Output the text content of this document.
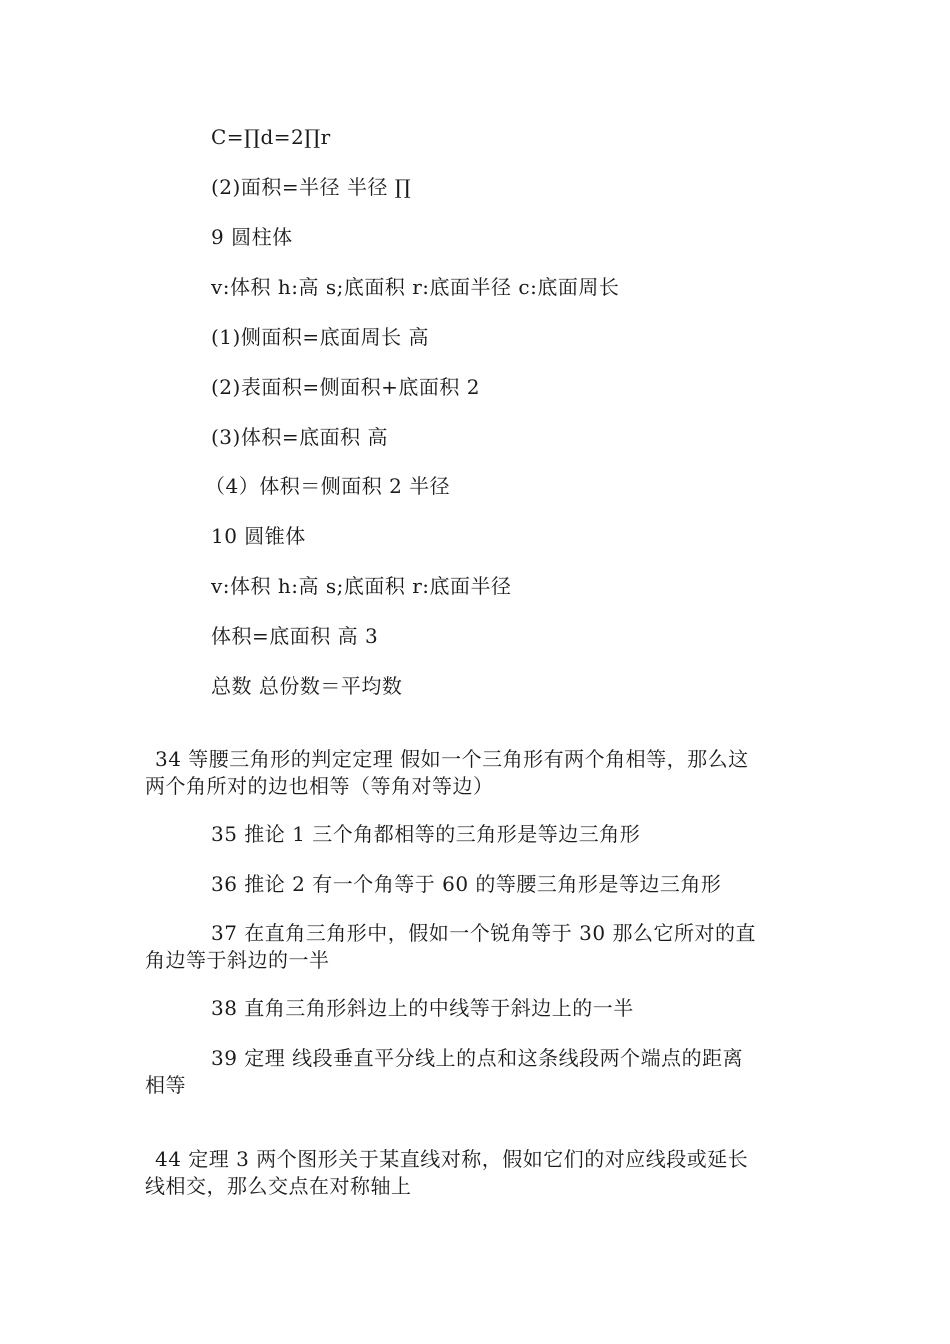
C=∏d=2∏r
(2)面积=半径 半径 ∏
9 圆柱体
v:体积 h:高 s;底面积 r:底面半径 c:底面周长
(1)侧面积=底面周长 高
(2)表面积=侧面积+底面积 2
(3)体积=底面积 高
（4）体积＝侧面积 2 半径
10 圆锥体
v:体积 h:高 s;底面积 r:底面半径
体积=底面积 高 3
总数 总份数＝平均数
34 等腰三角形的判定定理 假如一个三角形有两个角相等，那么这
两个角所对的边也相等（等角对等边）
35 推论 1 三个角都相等的三角形是等边三角形
36 推论 2 有一个角等于 60 的等腰三角形是等边三角形
37 在直角三角形中，假如一个锐角等于 30 那么它所对的直
角边等于斜边的一半
38 直角三角形斜边上的中线等于斜边上的一半
39 定理 线段垂直平分线上的点和这条线段两个端点的距离
相等
44 定理 3 两个图形关于某直线对称，假如它们的对应线段或延长
线相交，那么交点在对称轴上
